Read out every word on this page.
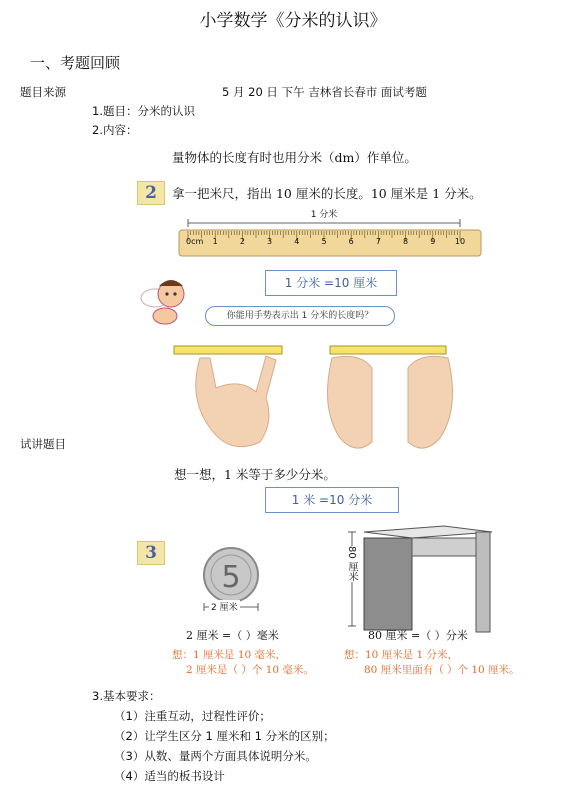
小学数学《分米的认识》
一、考题回顾
题目来源	5 月 20 日 下午 吉林省长春市 面试考题
1.题目：分米的认识
2.内容：
量物体的长度有时也用分米（dm）作单位。
2	拿一把米尺，指出 10 厘米的长度。10 厘米是 1 分米。
1 分米
0cm	1	2	3	4	5	6	7	8	9	10
1 分米 =10 厘米
你能用手势表示出 1 分米的长度吗？
试讲题目
想一想，1 米等于多少分米。
1 米 =10 分米
3
5
2 厘米
80 厘米
2 厘米 =（ ）毫米	80 厘米 =（ ）分米
想：1 厘米是 10 毫米，
2 厘米是（ ）个 10 毫米。
想：10 厘米是 1 分米，
80 厘米里面有（ ）个 10 厘米。
3.基本要求：
（1）注重互动，过程性评价；
（2）让学生区分 1 厘米和 1 分米的区别；
（3）从数、量两个方面具体说明分米。
（4）适当的板书设计
